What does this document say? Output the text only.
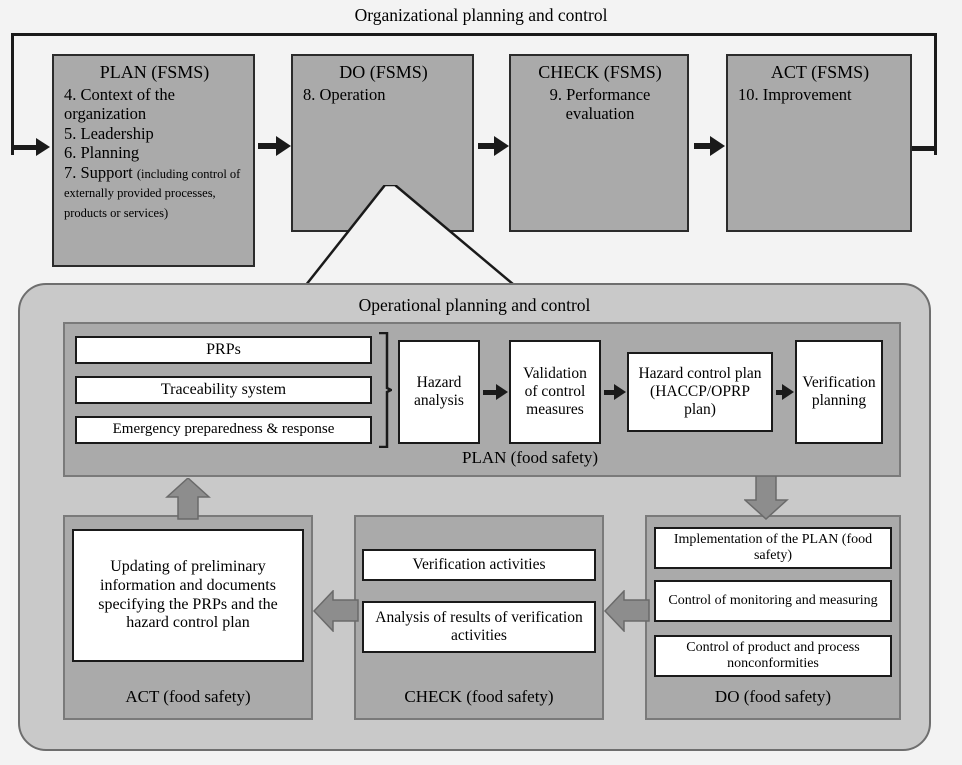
Organizational planning and control
PLAN (FSMS)
4. Context of the
organization
5. Leadership
6. Planning
7. Support (including control of externally provided processes, products or services)
DO (FSMS)
8. Operation
CHECK (FSMS)
9. Performance
evaluation
ACT (FSMS)
10. Improvement
Operational planning and control
PRPs
Traceability system
Emergency preparedness & response
Hazard analysis
Validation of control measures
Hazard control plan (HACCP/OPRP plan)
Verification planning
PLAN (food safety)
Updating of preliminary information and documents specifying the PRPs and the hazard control plan
ACT (food safety)
Verification activities
Analysis of results of verification activities
CHECK (food safety)
Implementation of the PLAN (food safety)
Control of monitoring and measuring
Control of product and process nonconformities
DO (food safety)
